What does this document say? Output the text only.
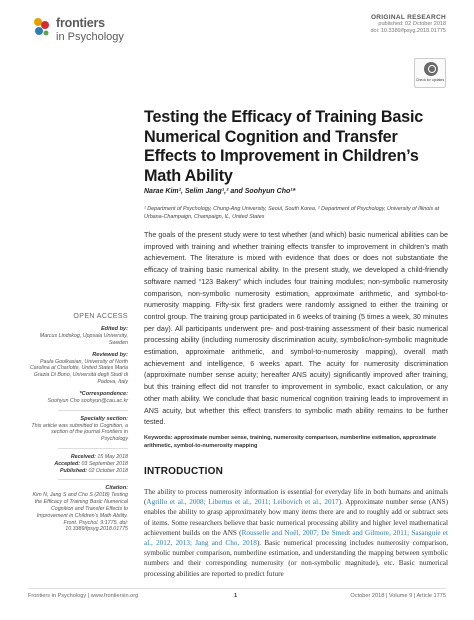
frontiers
in Psychology
ORIGINAL RESEARCH
published: 02 October 2018
doi: 10.3389/fpsyg.2018.01775
Check for updates
Testing the Efficacy of Training Basic Numerical Cognition and Transfer Effects to Improvement in Children’s Math Ability
Narae Kim¹, Selim Jang¹,² and Soohyun Cho¹*
¹ Department of Psychology, Chung-Ang University, Seoul, South Korea, ² Department of Psychology, University of Illinois at Urbana-Champaign, Champaign, IL, United States

The goals of the present study were to test whether (and which) basic numerical abilities can be improved with training and whether training effects transfer to improvement in children’s math achievement. The literature is mixed with evidence that does or does not substantiate the efficacy of training basic numerical ability. In the present study, we developed a child-friendly software named “123 Bakery” which includes four training modules; non-symbolic numerosity comparison, non-symbolic numerosity estimation, approximate arithmetic, and symbol-to-numerosity mapping. Fifty-six first graders were randomly assigned to either the training or control group. The training group participated in 6 weeks of training (5 times a week, 30 minutes per day). All participants underwent pre- and post-training assessment of their basic numerical processing ability (including numerosity discrimination acuity, symbolic/non-symbolic magnitude estimation, approximate arithmetic, and symbol-to-numerosity mapping), overall math achievement and intelligence, 6 weeks apart. The acuity for numerosity discrimination (approximate number sense acuity; hereafter ANS acuity) significantly improved after training, but this training effect did not transfer to improvement in symbolic, exact calculation, or any other math ability. We conclude that basic numerical cognition training leads to improvement in ANS acuity, but whether this effect transfers to symbolic math ability remains to be further tested.

Keywords: approximate number sense, training, numerosity comparison, numberline estimation, approximate arithmetic, symbol-to-numerosity mapping

OPEN ACCESS
Edited by:
Marcus Lindskog, Uppsala University, Sweden
Reviewed by:
Paula Goolkasian, University of North Carolina at Charlotte, United States Maria Grazia Di Bono, Università degli Studi di Padova, Italy
*Correspondence:
Soohyun Cho soohyun@cau.ac.kr
Specialty section:
This article was submitted to Cognition, a section of the journal Frontiers in Psychology
Received: 15 May 2018
Accepted: 03 September 2018
Published: 02 October 2018
Citation:
Kim N, Jang S and Cho S (2018) Testing the Efficacy of Training Basic Numerical Cognition and Transfer Effects to Improvement in Children’s Math Ability. Front. Psychol. 9:1775. doi: 10.3389/fpsyg.2018.01775
INTRODUCTION

The ability to process numerosity information is essential for everyday life in both humans and animals (Agrillo et al., 2008; Libertus et al., 2011; Leibovich et al., 2017). Approximate number sense (ANS) enables the ability to grasp approximately how many items there are and to roughly add or subtract sets of items. Some researchers believe that basic numerical processing ability and higher level mathematical achievement builds on the ANS (Rousselle and Noël, 2007; De Smedt and Gilmore, 2011; Sasanguie et al., 2012, 2013; Jang and Cho, 2018). Basic numerical processing includes numerosity comparison, symbolic number comparison, numberline estimation, and understanding the mapping between symbolic numbers and their corresponding numerosity (or non-symbolic magnitude), etc. Basic numerical processing abilities are reported to predict future

Frontiers in Psychology | www.frontiersin.org	1	October 2018 | Volume 9 | Article 1775
